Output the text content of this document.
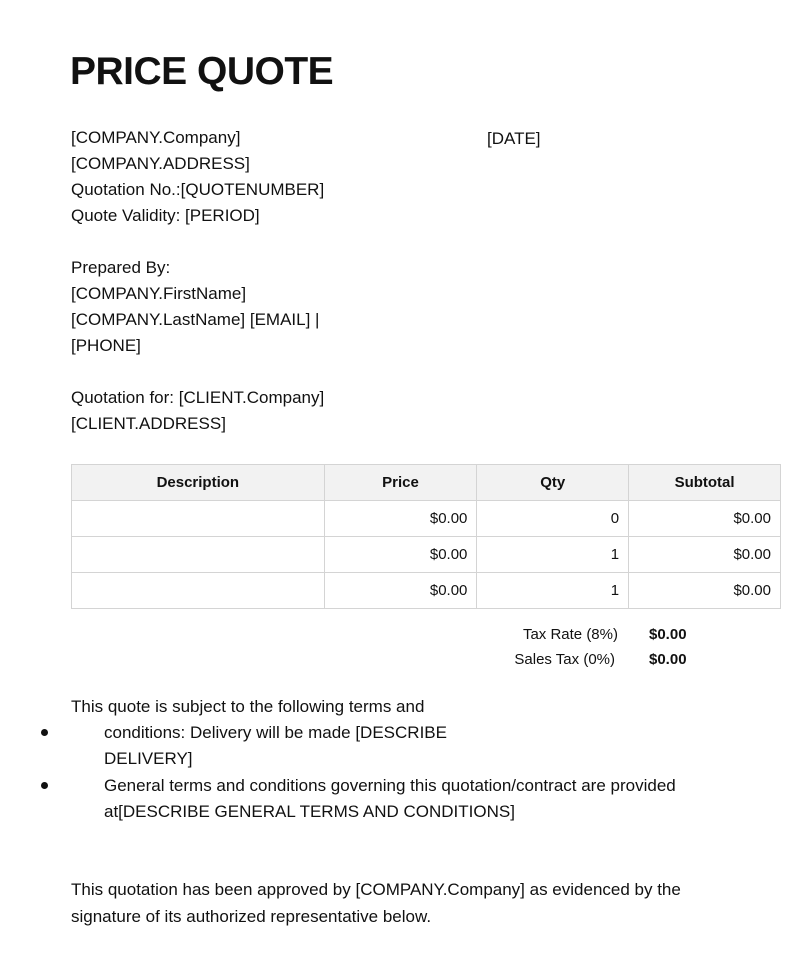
PRICE QUOTE
[COMPANY.Company]
[COMPANY.ADDRESS]
Quotation No.:[QUOTENUMBER]
Quote Validity: [PERIOD]
[DATE]
Prepared By:
[COMPANY.FirstName]
[COMPANY.LastName] [EMAIL] |
[PHONE]
Quotation for: [CLIENT.Company]
[CLIENT.ADDRESS]
Description	Price	Qty	Subtotal
	$0.00	0	$0.00
	$0.00	1	$0.00
	$0.00	1	$0.00
Tax Rate (8%) $0.00
Sales Tax (0%) $0.00
This quote is subject to the following terms and
conditions: Delivery will be made [DESCRIBE
DELIVERY]
General terms and conditions governing this quotation/contract are provided
at[DESCRIBE GENERAL TERMS AND CONDITIONS]
This quotation has been approved by [COMPANY.Company] as evidenced by the
signature of its authorized representative below.
